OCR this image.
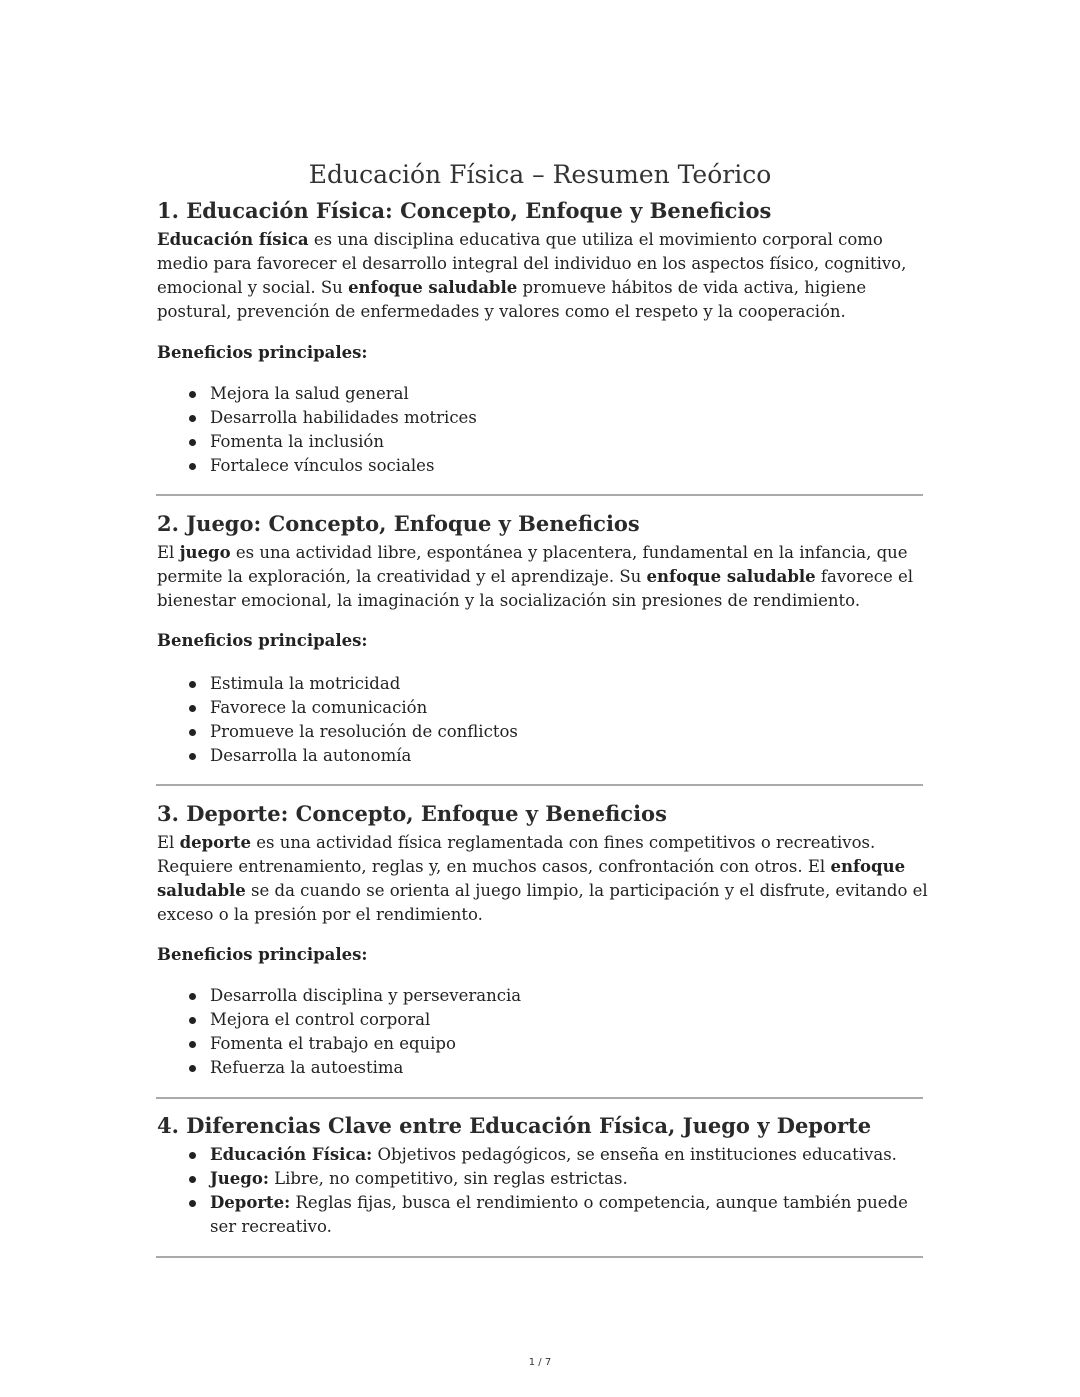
Educación Física – Resumen Teórico
1. Educación Física: Concepto, Enfoque y Beneficios
Educación física es una disciplina educativa que utiliza el movimiento corporal como
medio para favorecer el desarrollo integral del individuo en los aspectos físico, cognitivo,
emocional y social. Su enfoque saludable promueve hábitos de vida activa, higiene
postural, prevención de enfermedades y valores como el respeto y la cooperación.
Beneficios principales:
Mejora la salud general
Desarrolla habilidades motrices
Fomenta la inclusión
Fortalece vínculos sociales
2. Juego: Concepto, Enfoque y Beneficios
El juego es una actividad libre, espontánea y placentera, fundamental en la infancia, que
permite la exploración, la creatividad y el aprendizaje. Su enfoque saludable favorece el
bienestar emocional, la imaginación y la socialización sin presiones de rendimiento.
Beneficios principales:
Estimula la motricidad
Favorece la comunicación
Promueve la resolución de conflictos
Desarrolla la autonomía
3. Deporte: Concepto, Enfoque y Beneficios
El deporte es una actividad física reglamentada con fines competitivos o recreativos.
Requiere entrenamiento, reglas y, en muchos casos, confrontación con otros. El enfoque
saludable se da cuando se orienta al juego limpio, la participación y el disfrute, evitando el
exceso o la presión por el rendimiento.
Beneficios principales:
Desarrolla disciplina y perseverancia
Mejora el control corporal
Fomenta el trabajo en equipo
Refuerza la autoestima
4. Diferencias Clave entre Educación Física, Juego y Deporte
Educación Física: Objetivos pedagógicos, se enseña en instituciones educativas.
Juego: Libre, no competitivo, sin reglas estrictas.
Deporte: Reglas fijas, busca el rendimiento o competencia, aunque también puede
ser recreativo.
1 / 7
